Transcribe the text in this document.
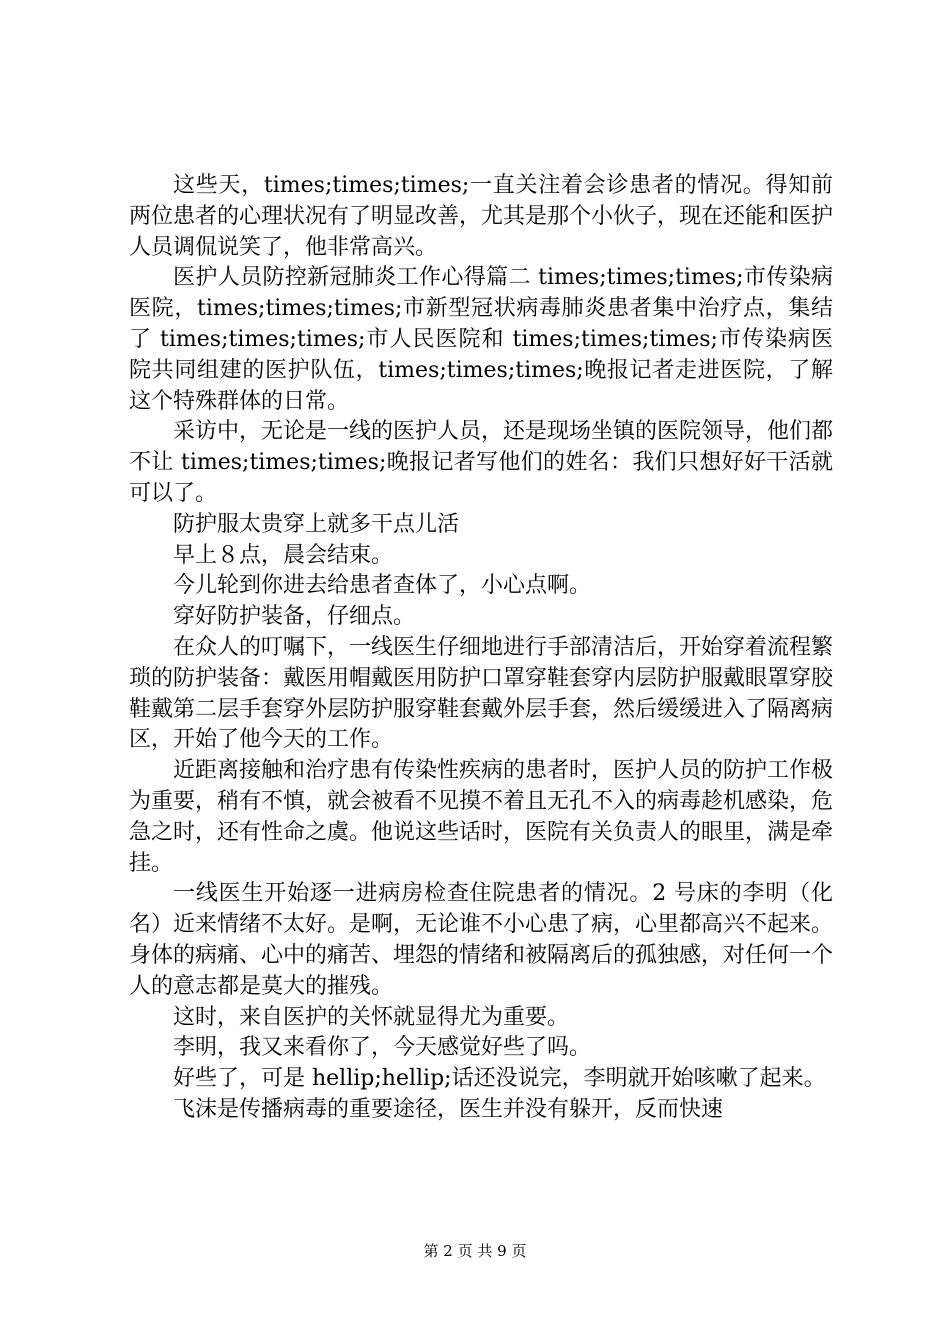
这些天，times;times;times;一直关注着会诊患者的情况。得知前两位患者的心理状况有了明显改善，尤其是那个小伙子，现在还能和医护人员调侃说笑了，他非常高兴。

医护人员防控新冠肺炎工作心得篇二 times;times;times;市传染病医院，times;times;times;市新型冠状病毒肺炎患者集中治疗点，集结了 times;times;times;市人民医院和 times;times;times;市传染病医院共同组建的医护队伍，times;times;times;晚报记者走进医院，了解这个特殊群体的日常。

采访中，无论是一线的医护人员，还是现场坐镇的医院领导，他们都不让 times;times;times;晚报记者写他们的姓名：我们只想好好干活就可以了。

防护服太贵穿上就多干点儿活

早上８点，晨会结束。

今儿轮到你进去给患者查体了，小心点啊。

穿好防护装备，仔细点。

在众人的叮嘱下，一线医生仔细地进行手部清洁后，开始穿着流程繁琐的防护装备：戴医用帽戴医用防护口罩穿鞋套穿内层防护服戴眼罩穿胶鞋戴第二层手套穿外层防护服穿鞋套戴外层手套，然后缓缓进入了隔离病区，开始了他今天的工作。

近距离接触和治疗患有传染性疾病的患者时，医护人员的防护工作极为重要，稍有不慎，就会被看不见摸不着且无孔不入的病毒趁机感染，危急之时，还有性命之虞。他说这些话时，医院有关负责人的眼里，满是牵挂。

一线医生开始逐一进病房检查住院患者的情况。2 号床的李明（化名）近来情绪不太好。是啊，无论谁不小心患了病，心里都高兴不起来。身体的病痛、心中的痛苦、埋怨的情绪和被隔离后的孤独感，对任何一个人的意志都是莫大的摧残。

这时，来自医护的关怀就显得尤为重要。

李明，我又来看你了，今天感觉好些了吗。

好些了，可是 hellip;hellip;话还没说完，李明就开始咳嗽了起来。

飞沫是传播病毒的重要途径，医生并没有躲开，反而快速

第 2 页 共 9 页
